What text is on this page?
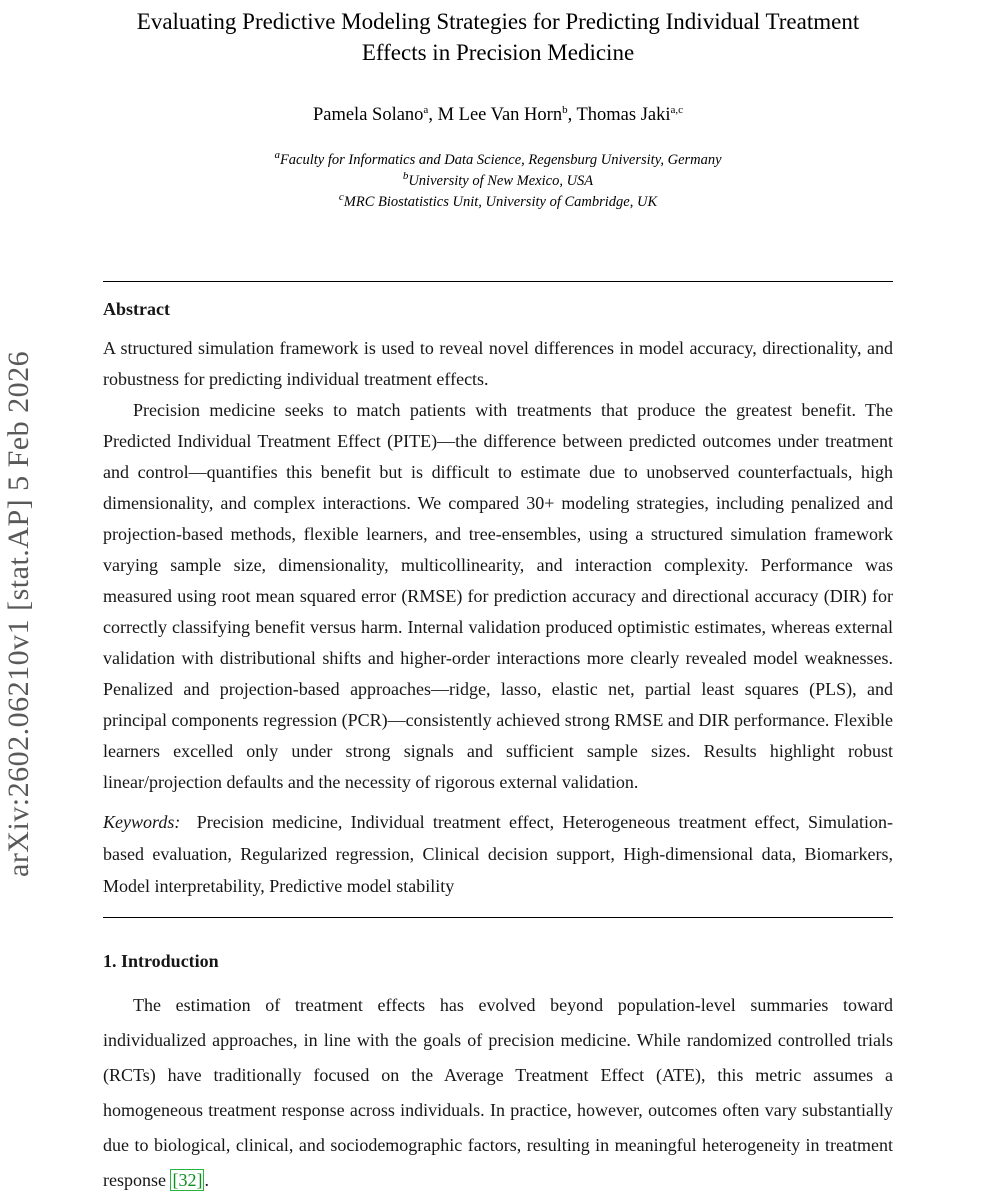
arXiv:2602.06210v1 [stat.AP] 5 Feb 2026
Evaluating Predictive Modeling Strategies for Predicting Individual Treatment Effects in Precision Medicine
Pamela Solano$^a$, M Lee Van Horn$^b$, Thomas Jaki$^{a,c}$
$^a$Faculty for Informatics and Data Science, Regensburg University, Germany
$^b$University of New Mexico, USA
$^c$MRC Biostatistics Unit, University of Cambridge, UK
Abstract

A structured simulation framework is used to reveal novel differences in model accuracy, directionality, and robustness for predicting individual treatment effects.

Precision medicine seeks to match patients with treatments that produce the greatest benefit. The Predicted Individual Treatment Effect (PITE)—the difference between predicted outcomes under treatment and control—quantifies this benefit but is difficult to estimate due to unobserved counterfactuals, high dimensionality, and complex interactions. We compared 30+ modeling strategies, including penalized and projection-based methods, flexible learners, and tree-ensembles, using a structured simulation framework varying sample size, dimensionality, multicollinearity, and interaction complexity. Performance was measured using root mean squared error (RMSE) for prediction accuracy and directional accuracy (DIR) for correctly classifying benefit versus harm. Internal validation produced optimistic estimates, whereas external validation with distributional shifts and higher-order interactions more clearly revealed model weaknesses. Penalized and projection-based approaches—ridge, lasso, elastic net, partial least squares (PLS), and principal components regression (PCR)—consistently achieved strong RMSE and DIR performance. Flexible learners excelled only under strong signals and sufficient sample sizes. Results highlight robust linear/projection defaults and the necessity of rigorous external validation.

Keywords: Precision medicine, Individual treatment effect, Heterogeneous treatment effect, Simulation-based evaluation, Regularized regression, Clinical decision support, High-dimensional data, Biomarkers, Model interpretability, Predictive model stability

1. Introduction

The estimation of treatment effects has evolved beyond population-level summaries toward individualized approaches, in line with the goals of precision medicine. While randomized controlled trials (RCTs) have traditionally focused on the Average Treatment Effect (ATE), this metric assumes a homogeneous treatment response across individuals. In practice, however, outcomes often vary substantially due to biological, clinical, and sociodemographic factors, resulting in meaningful heterogeneity in treatment response [32] .
